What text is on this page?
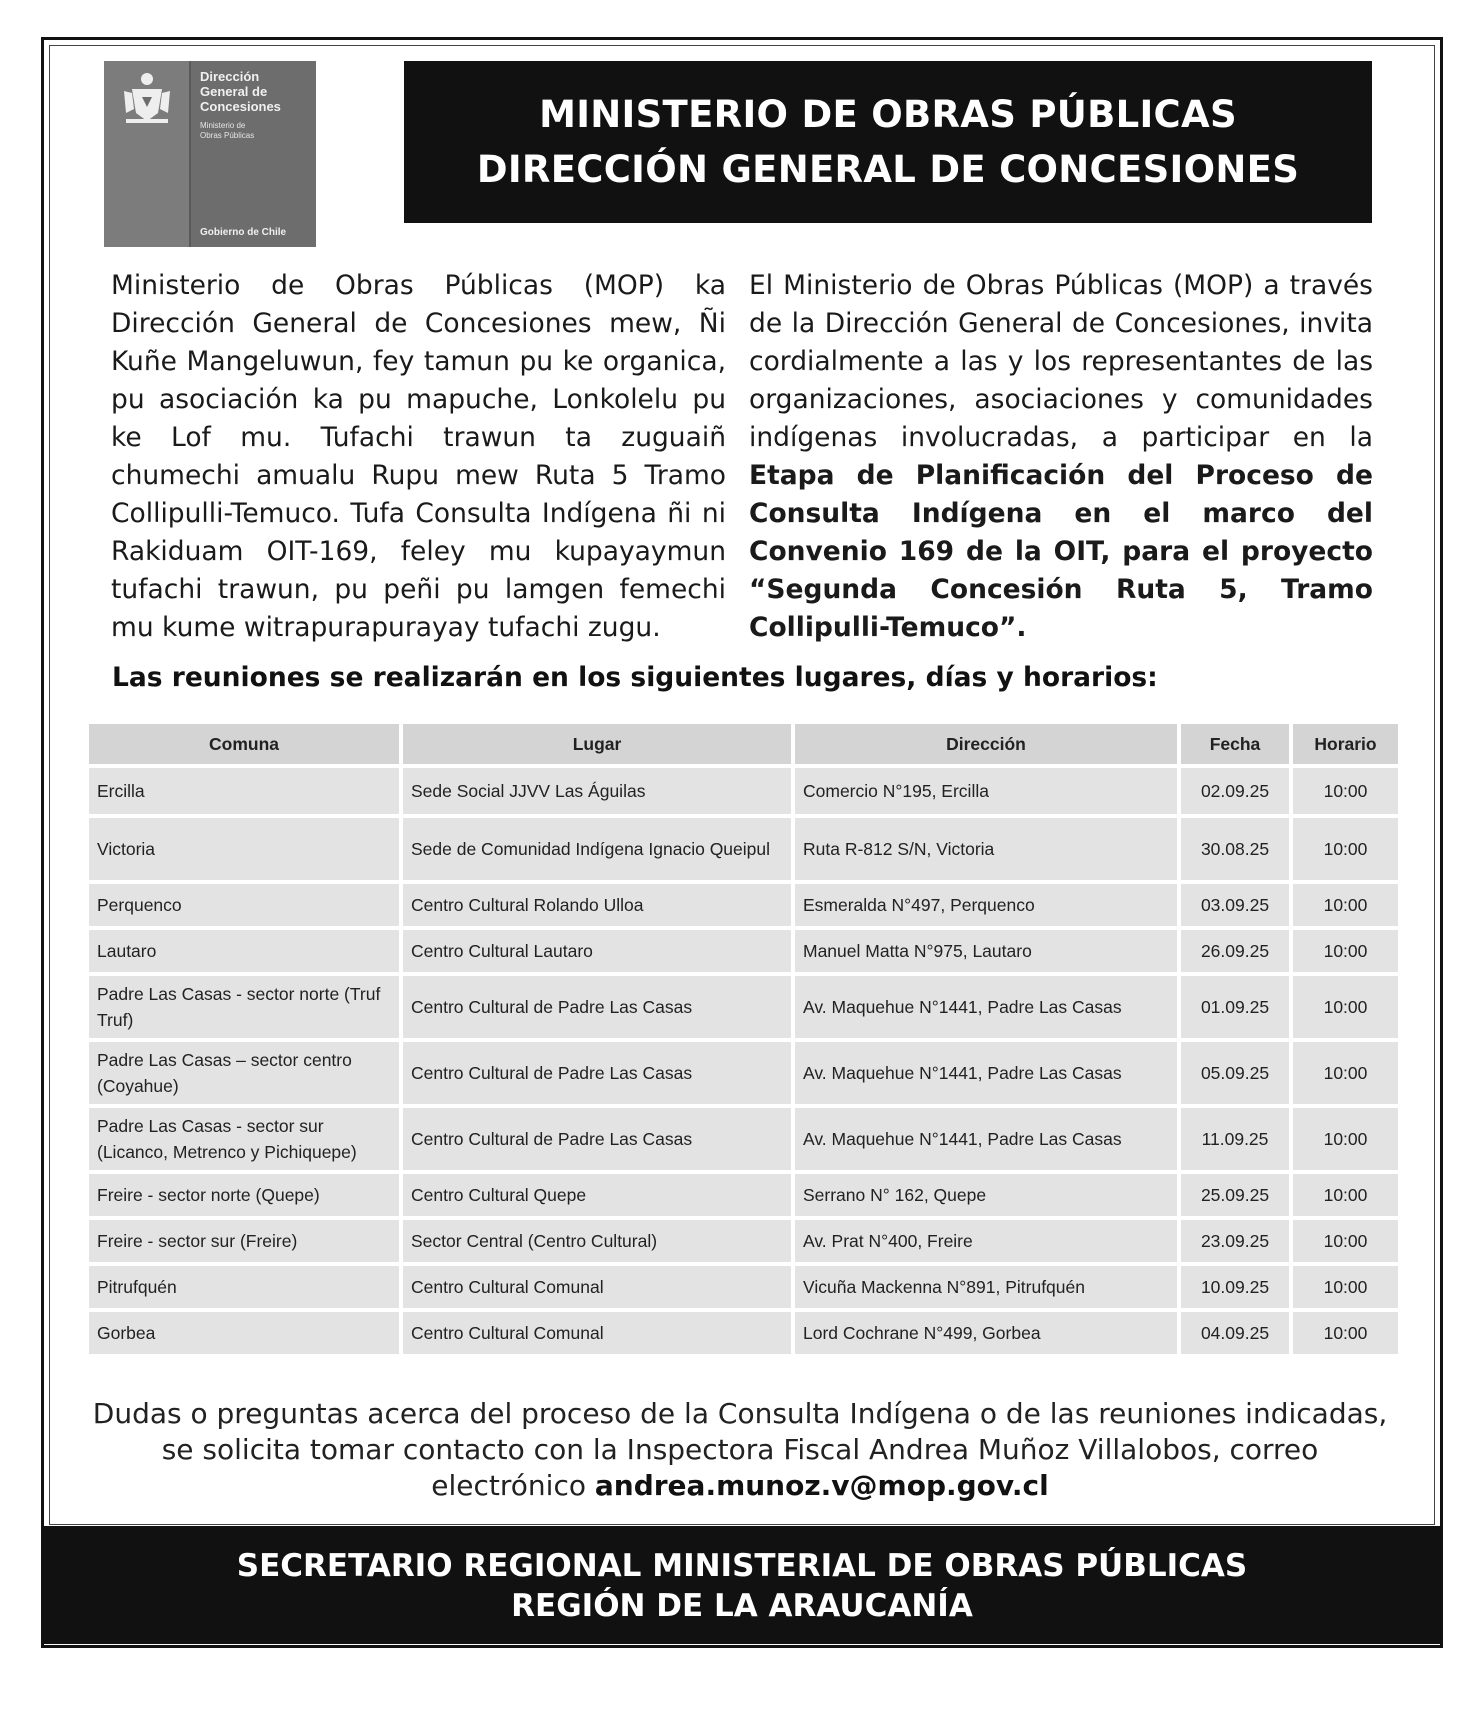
Dirección
General de
Concesiones
Ministerio de
Obras Públicas
Gobierno de Chile
MINISTERIO DE OBRAS PÚBLICAS
DIRECCIÓN GENERAL DE CONCESIONES
Ministerio de Obras Públicas (MOP) ka Dirección General de Concesiones mew, Ñi Kuñe Mangeluwun, fey tamun pu ke organica, pu asociación ka pu mapuche, Lonkolelu pu ke Lof mu. Tufachi trawun ta zuguaiñ chumechi amualu Rupu mew Ruta 5 Tramo Collipulli-Temuco. Tufa Consulta Indígena ñi ni Rakiduam OIT-169, feley mu kupayaymun tufachi trawun, pu peñi pu lamgen femechi mu kume witrapurapurayay tufachi zugu.
El Ministerio de Obras Públicas (MOP) a través de la Dirección General de Concesiones, invita cordialmente a las y los representantes de las organizaciones, asociaciones y comunidades indígenas involucradas, a participar en la Etapa de Planificación del Proceso de Consulta Indígena en el marco del Convenio 169 de la OIT, para el proyecto “Segunda Concesión Ruta 5, Tramo Collipulli-Temuco”.
Las reuniones se realizarán en los siguientes lugares, días y horarios:
Comuna	Lugar	Dirección	Fecha	Horario
Ercilla	Sede Social JJVV Las Águilas	Comercio N°195, Ercilla	02.09.25	10:00
Victoria	Sede de Comunidad Indígena Ignacio Queipul	Ruta R-812 S/N, Victoria	30.08.25	10:00
Perquenco	Centro Cultural Rolando Ulloa	Esmeralda N°497, Perquenco	03.09.25	10:00
Lautaro	Centro Cultural Lautaro	Manuel Matta N°975, Lautaro	26.09.25	10:00
Padre Las Casas - sector norte (Truf Truf)	Centro Cultural de Padre Las Casas	Av. Maquehue N°1441, Padre Las Casas	01.09.25	10:00
Padre Las Casas – sector centro (Coyahue)	Centro Cultural de Padre Las Casas	Av. Maquehue N°1441, Padre Las Casas	05.09.25	10:00
Padre Las Casas - sector sur (Licanco, Metrenco y Pichiquepe)	Centro Cultural de Padre Las Casas	Av. Maquehue N°1441, Padre Las Casas	11.09.25	10:00
Freire - sector norte (Quepe)	Centro Cultural Quepe	Serrano N° 162, Quepe	25.09.25	10:00
Freire - sector sur (Freire)	Sector Central (Centro Cultural)	Av. Prat N°400, Freire	23.09.25	10:00
Pitrufquén	Centro Cultural Comunal	Vicuña Mackenna N°891, Pitrufquén	10.09.25	10:00
Gorbea	Centro Cultural Comunal	Lord Cochrane N°499, Gorbea	04.09.25	10:00
Dudas o preguntas acerca del proceso de la Consulta Indígena o de las reuniones indicadas, se solicita tomar contacto con la Inspectora Fiscal Andrea Muñoz Villalobos, correo electrónico andrea.munoz.v@mop.gov.cl
SECRETARIO REGIONAL MINISTERIAL DE OBRAS PÚBLICAS
REGIÓN DE LA ARAUCANÍA
